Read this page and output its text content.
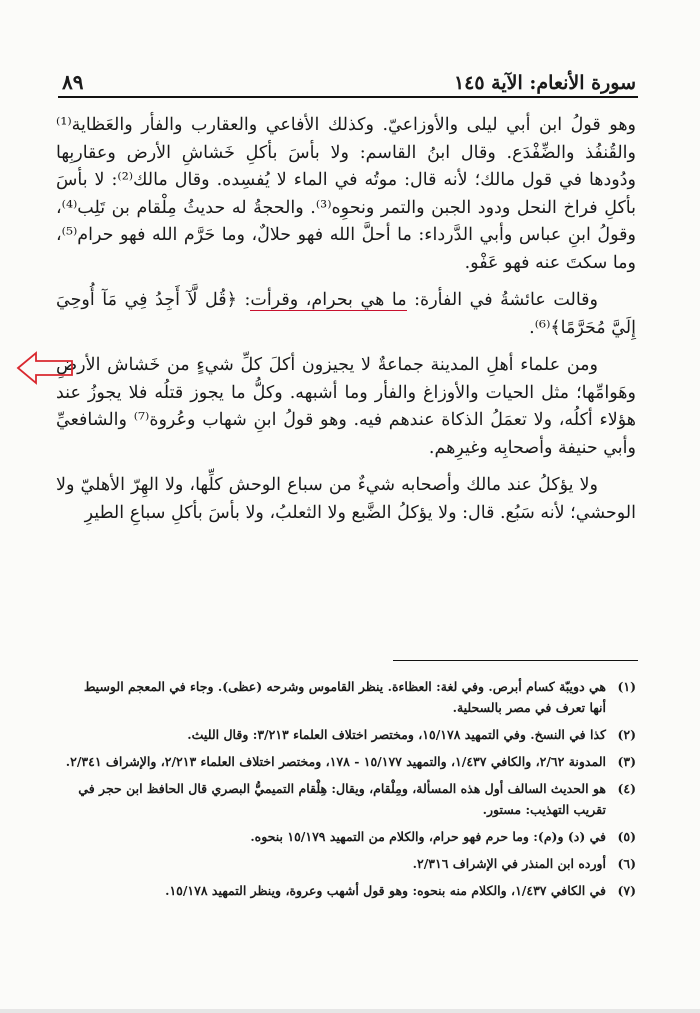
سورة الأنعام: الآية ١٤٥
٨٩

وهو قولُ ابن أبي ليلى والأوزاعيّ. وكذلك الأفاعي والعقارب والفأر والعَظاية⁽¹⁾ والقُنفُذ والضِّفْدَع. وقال ابنُ القاسم: ولا بأسَ بأكلِ خَشاشِ الأرض وعقاربِها ودُودها في قول مالك؛ لأنه قال: موتُه في الماء لا يُفسِده. وقال مالك⁽²⁾: لا بأسَ بأكلِ فراخ النحل ودود الجبن والتمر ونحوِه⁽³⁾. والحجةُ له حديثُ مِلْقام بن تَلِب⁽⁴⁾، وقولُ ابنِ عباس وأبي الدَّرداء: ما أحلَّ الله فهو حلالٌ، وما حَرَّم الله فهو حرام⁽⁵⁾، وما سكتَ عنه فهو عَفْو.

وقالت عائشةُ في الفأرة: ما هي بحرام، وقرأت: ﴿قُل لَّآ أَجِدُ فِي مَآ أُوحِيَ إِلَيَّ مُحَرَّمًا﴾⁽⁶⁾.

ومن علماء أهلِ المدينة جماعةٌ لا يجيزون أكلَ كلِّ شيءٍ من خَشاش الأرضِ وهَوامِّها؛ مثل الحيات والأوزاغ والفأر وما أشبهه. وكلُّ ما يجوز قتلُه فلا يجوزُ عند هؤلاء أكلُه، ولا تعمَلُ الذكاة عندهم فيه. وهو قولُ ابنِ شهاب وعُروة⁽⁷⁾ والشافعيِّ وأبي حنيفة وأصحابِه وغيرِهم.

ولا يؤكلُ عند مالك وأصحابه شيءٌ من سباع الوحش كلِّها، ولا الهِرّ الأهليّ ولا الوحشي؛ لأنه سَبُع. قال: ولا يؤكلُ الضَّبع ولا الثعلبُ، ولا بأسَ بأكلِ سباعِ الطيرِ

(١)
هي دويبّة كسام أبرص. وفي لغة: العظاءة. ينظر القاموس وشرحه (عظى). وجاء في المعجم الوسيط أنها تعرف في مصر بالسحلية.
(٢)
كذا في النسخ. وفي التمهيد ١٥/١٧٨، ومختصر اختلاف العلماء ٣/٢١٣: وقال الليث.
(٣)
المدونة ٢/٦٢، والكافي ١/٤٣٧، والتمهيد ١٥/١٧٧ - ١٧٨، ومختصر اختلاف العلماء ٢/٢١٣، والإشراف ٢/٣٤١.
(٤)
هو الحديث السالف أول هذه المسألة، ومِلْقام، ويقال: هِلْقام التميميُّ البصري قال الحافظ ابن حجر في تقريب التهذيب: مستور.
(٥)
في (د) و(م): وما حرم فهو حرام، والكلام من التمهيد ١٥/١٧٩ بنحوه.
(٦)
أورده ابن المنذر في الإشراف ٢/٣١٦.
(٧)
في الكافي ١/٤٣٧، والكلام منه بنحوه: وهو قول أشهب وعروة، وينظر التمهيد ١٥/١٧٨.
